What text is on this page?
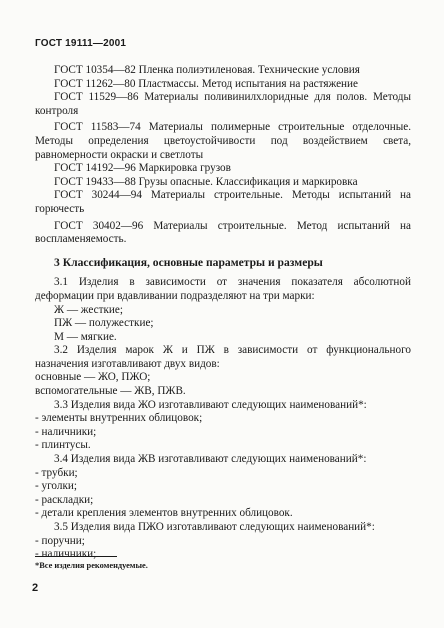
ГОСТ 19111—2001

ГОСТ 10354—82 Пленка полиэтиленовая. Технические условия

ГОСТ 11262—80 Пластмассы. Метод испытания на растяжение

ГОСТ 11529—86 Материалы поливинилхлоридные для полов. Методы контроля

ГОСТ 11583—74 Материалы полимерные строительные отделочные. Методы определения цветоустойчивости под воздействием света, равномерности окраски и светлоты

ГОСТ 14192—96 Маркировка грузов

ГОСТ 19433—88 Грузы опасные. Классификация и маркировка

ГОСТ 30244—94 Материалы строительные. Методы испытаний на горючесть

ГОСТ 30402—96 Материалы строительные. Метод испытаний на воспламеняемость.

3 Классификация, основные параметры и размеры

3.1 Изделия в зависимости от значения показателя абсолютной деформации при вдавливании подразделяют на три марки:

Ж — жесткие;

ПЖ — полужесткие;

М — мягкие.

3.2 Изделия марок Ж и ПЖ в зависимости от функционального назначения изготавливают двух видов:

основные — ЖО, ПЖО;

вспомогательные — ЖВ, ПЖВ.

3.3 Изделия вида ЖО изготавливают следующих наименований*:

- элементы внутренних облицовок;

- наличники;

- плинтусы.

3.4 Изделия вида ЖВ изготавливают следующих наименований*:

- трубки;

- уголки;

- раскладки;

- детали крепления элементов внутренних облицовок.

3.5 Изделия вида ПЖО изготавливают следующих наименований*:

- поручни;

- наличники;

*Все изделия рекомендуемые.
2
